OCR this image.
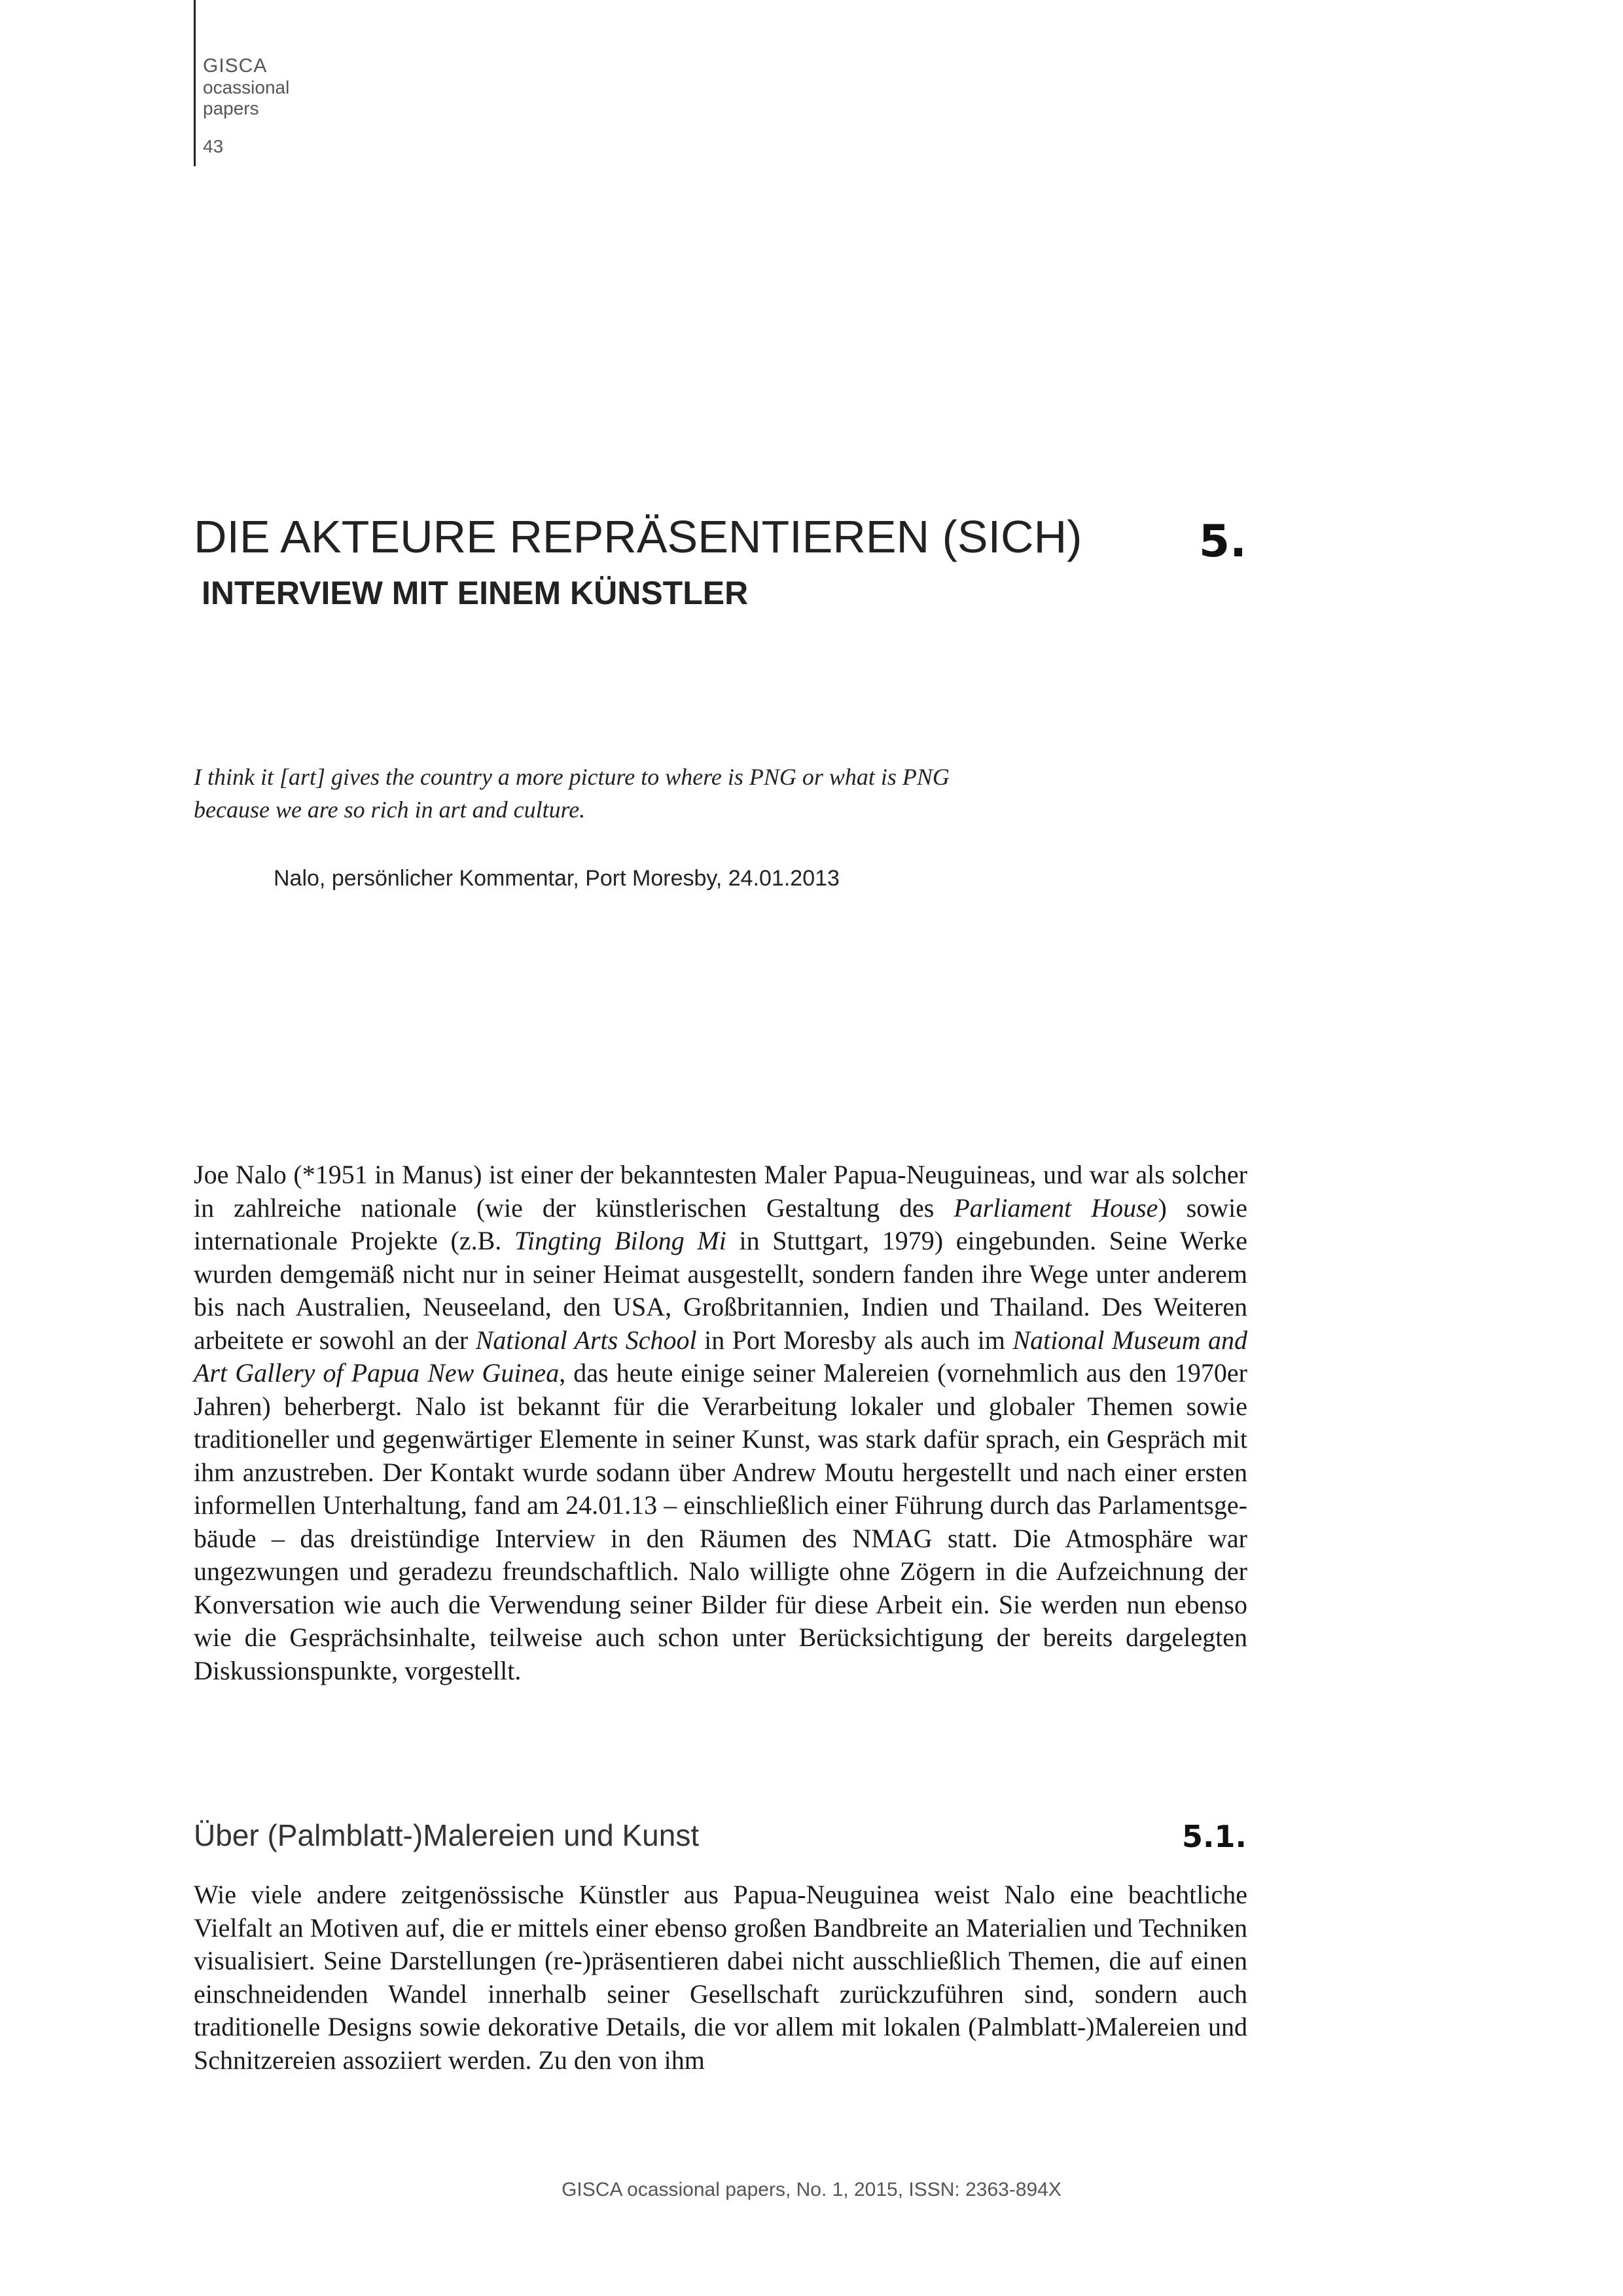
GISCA
ocassional
papers
43
DIE AKTEURE REPRÄSENTIEREN (SICH)	5.
INTERVIEW MIT EINEM KÜNSTLER

I think it [art] gives the country a more picture to where is PNG or what is PNG

because we are so rich in art and culture.

Nalo, persönlicher Kommentar, Port Moresby, 24.01.2013

Joe Nalo (*1951 in Manus) ist einer der bekanntesten Maler Papua-Neuguineas, und war als solcher in zahlreiche nationale (wie der künstlerischen Gestaltung des Parliament House) sowie internationale Projekte (z.B. Tingting Bilong Mi in Stuttgart, 1979) eingebunden. Seine Werke wurden demgemäß nicht nur in seiner Heimat ausgestellt, sondern fanden ihre Wege unter anderem bis nach Australien, Neuseeland, den USA, Großbritannien, Indien und Thailand. Des Weiteren arbeitete er sowohl an der National Arts School in Port Moresby als auch im National Museum and Art Gallery of Papua New Guinea, das heute einige seiner Malereien (vornehmlich aus den 1970er Jahren) beherbergt. Nalo ist bekannt für die Verarbeitung lokaler und globaler Themen sowie traditioneller und gegenwärtiger Elemente in seiner Kunst, was stark dafür sprach, ein Gespräch mit ihm anzustreben. Der Kontakt wurde sodann über Andrew Moutu hergestellt und nach einer ersten informellen Unterhaltung, fand am 24.01.13 – einschließlich einer Führung durch das Parlamentsgebäude – das dreistündige Interview in den Räumen des NMAG statt. Die Atmosphäre war ungezwungen und geradezu freundschaftlich. Nalo willigte ohne Zögern in die Aufzeichnung der Konversation wie auch die Verwendung seiner Bilder für diese Arbeit ein. Sie werden nun ebenso wie die Gesprächsinhalte, teilweise auch schon unter Berücksichtigung der bereits dargelegten Diskussionspunkte, vorgestellt.

Über (Palmblatt-)Malereien und Kunst	5.1.

Wie viele andere zeitgenössische Künstler aus Papua-Neuguinea weist Nalo eine beachtliche Vielfalt an Motiven auf, die er mittels einer ebenso großen Bandbreite an Materialien und Techniken visualisiert. Seine Darstellungen (re-)präsentieren dabei nicht ausschließlich Themen, die auf einen einschneidenden Wandel innerhalb seiner Gesellschaft zurückzuführen sind, sondern auch traditionelle Designs sowie dekorative Details, die vor allem mit lokalen (Palmblatt-)Malereien und Schnitzereien assoziiert werden. Zu den von ihm

GISCA ocassional papers, No. 1, 2015, ISSN: 2363-894X
